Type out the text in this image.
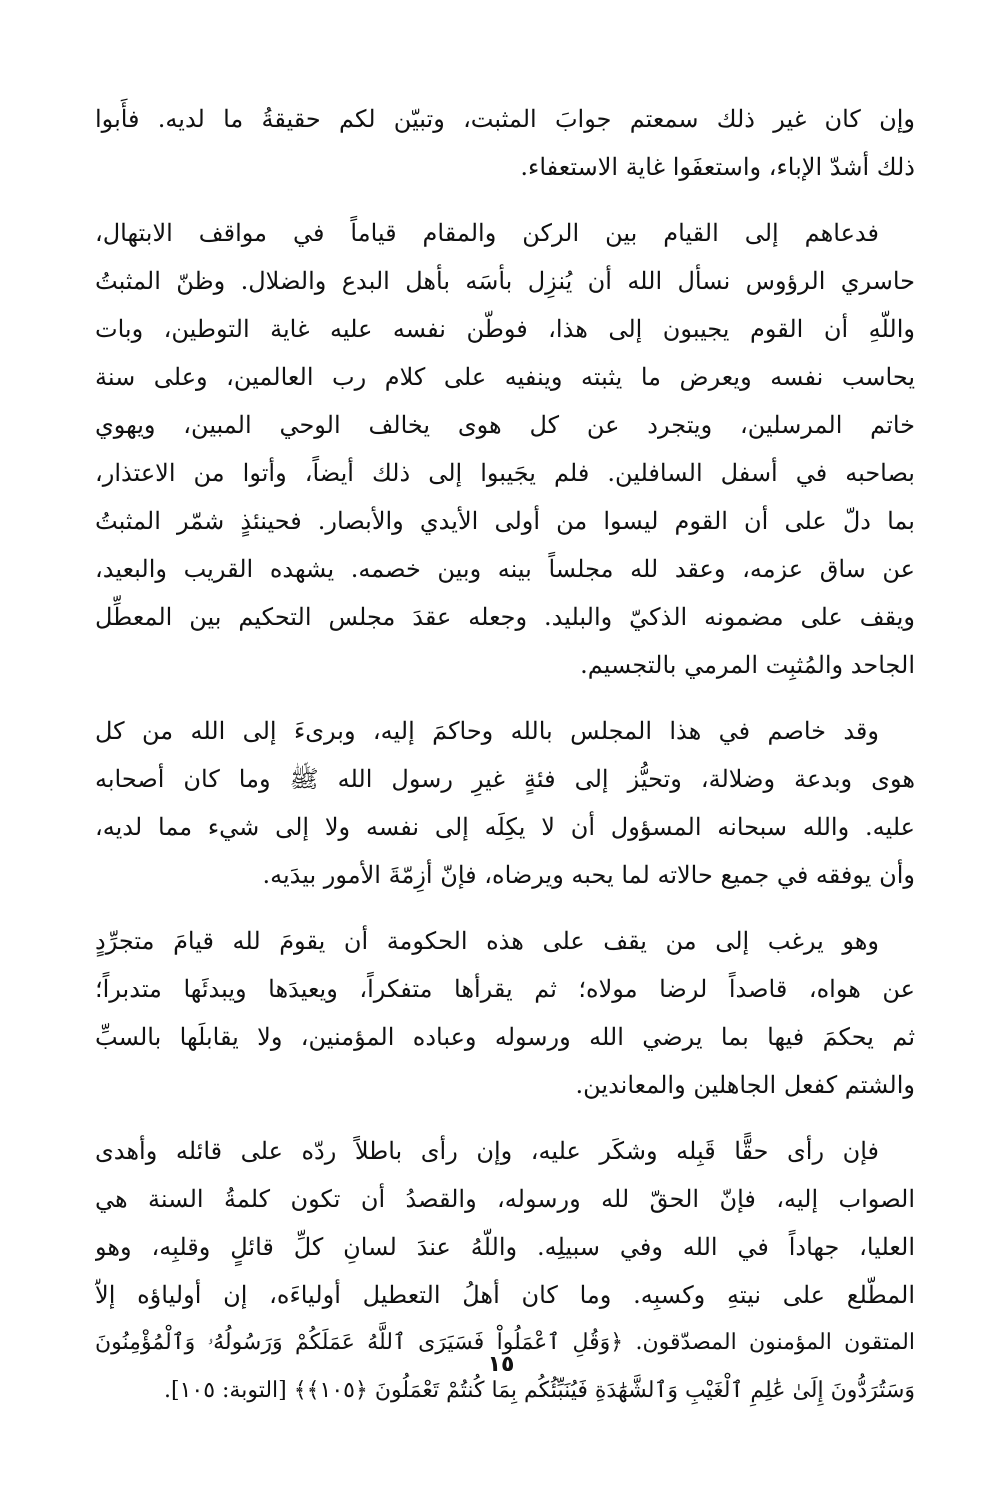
وإن كان غير ذلك سمعتم جوابَ المثبت، وتبيّن لكم حقيقةُ ما لديه. فأَبوا
ذلك أشدّ الإباء، واستعفَوا غاية الاستعفاء.
فدعاهم إلى القيام بين الركن والمقام قياماً في مواقف الابتهال،
حاسري الرؤوس نسأل الله أن يُنزِل بأسَه بأهل البدع والضلال. وظنّ المثبتُ
واللّهِ أن القوم يجيبون إلى هذا، فوطّن نفسه عليه غاية التوطين، وبات
يحاسب نفسه ويعرض ما يثبته وينفيه على كلام رب العالمين، وعلى سنة
خاتم المرسلين، ويتجرد عن كل هوى يخالف الوحي المبين، ويهوي
بصاحبه في أسفل السافلين. فلم يجَيبوا إلى ذلك أيضاً، وأتوا من الاعتذار،
بما دلّ على أن القوم ليسوا من أولى الأيدي والأبصار. فحينئذٍ شمّر المثبتُ
عن ساق عزمه، وعقد لله مجلساً بينه وبين خصمه. يشهده القريب والبعيد،
ويقف على مضمونه الذكيّ والبليد. وجعله عقدَ مجلس التحكيم بين المعطِّل
الجاحد والمُثبِت المرمي بالتجسيم.
وقد خاصم في هذا المجلس بالله وحاكمَ إليه، وبرىءَ إلى الله من كل
هوى وبدعة وضلالة، وتحيُّز إلى فئةٍ غيرِ رسول الله ﷺ وما كان أصحابه
عليه. والله سبحانه المسؤول أن لا يكِلَه إلى نفسه ولا إلى شيء مما لديه،
وأن يوفقه في جميع حالاته لما يحبه ويرضاه، فإنّ أزِمّةَ الأمور بيدَيه.
وهو يرغب إلى من يقف على هذه الحكومة أن يقومَ لله قيامَ متجرِّدٍ
عن هواه، قاصداً لرضا مولاه؛ ثم يقرأها متفكراً، ويعيدَها ويبدئَها متدبراً؛
ثم يحكمَ فيها بما يرضي الله ورسوله وعباده المؤمنين، ولا يقابلَها بالسبِّ
والشتم كفعل الجاهلين والمعاندين.
فإن رأى حقًّا قَبِله وشكَر عليه، وإن رأى باطلاً ردّه على قائله وأهدى
الصواب إليه، فإنّ الحقّ لله ورسوله، والقصدُ أن تكون كلمةُ السنة هي
العليا، جهاداً في الله وفي سبيلِه. واللّهُ عندَ لسانِ كلِّ قائلٍ وقلبِه، وهو
المطّلع على نيتهِ وكسبِه. وما كان أهلُ التعطيل أولياءَه، إن أولياؤه إلاّ
المتقون المؤمنون المصدّقون. ﴿وَقُلِ ٱعْمَلُواْ فَسَيَرَى ٱللَّهُ عَمَلَكُمْ وَرَسُولُهُۥ وَٱلْمُؤْمِنُونَ
وَسَتُرَدُّونَ إِلَىٰ عَٰلِمِ ٱلْغَيْبِ وَٱلشَّهَٰدَةِ فَيُنَبِّئُكُم بِمَا كُنتُمْ تَعْمَلُونَ ﴿١٠٥﴾﴾ [التوبة: ١٠٥].
١٥
